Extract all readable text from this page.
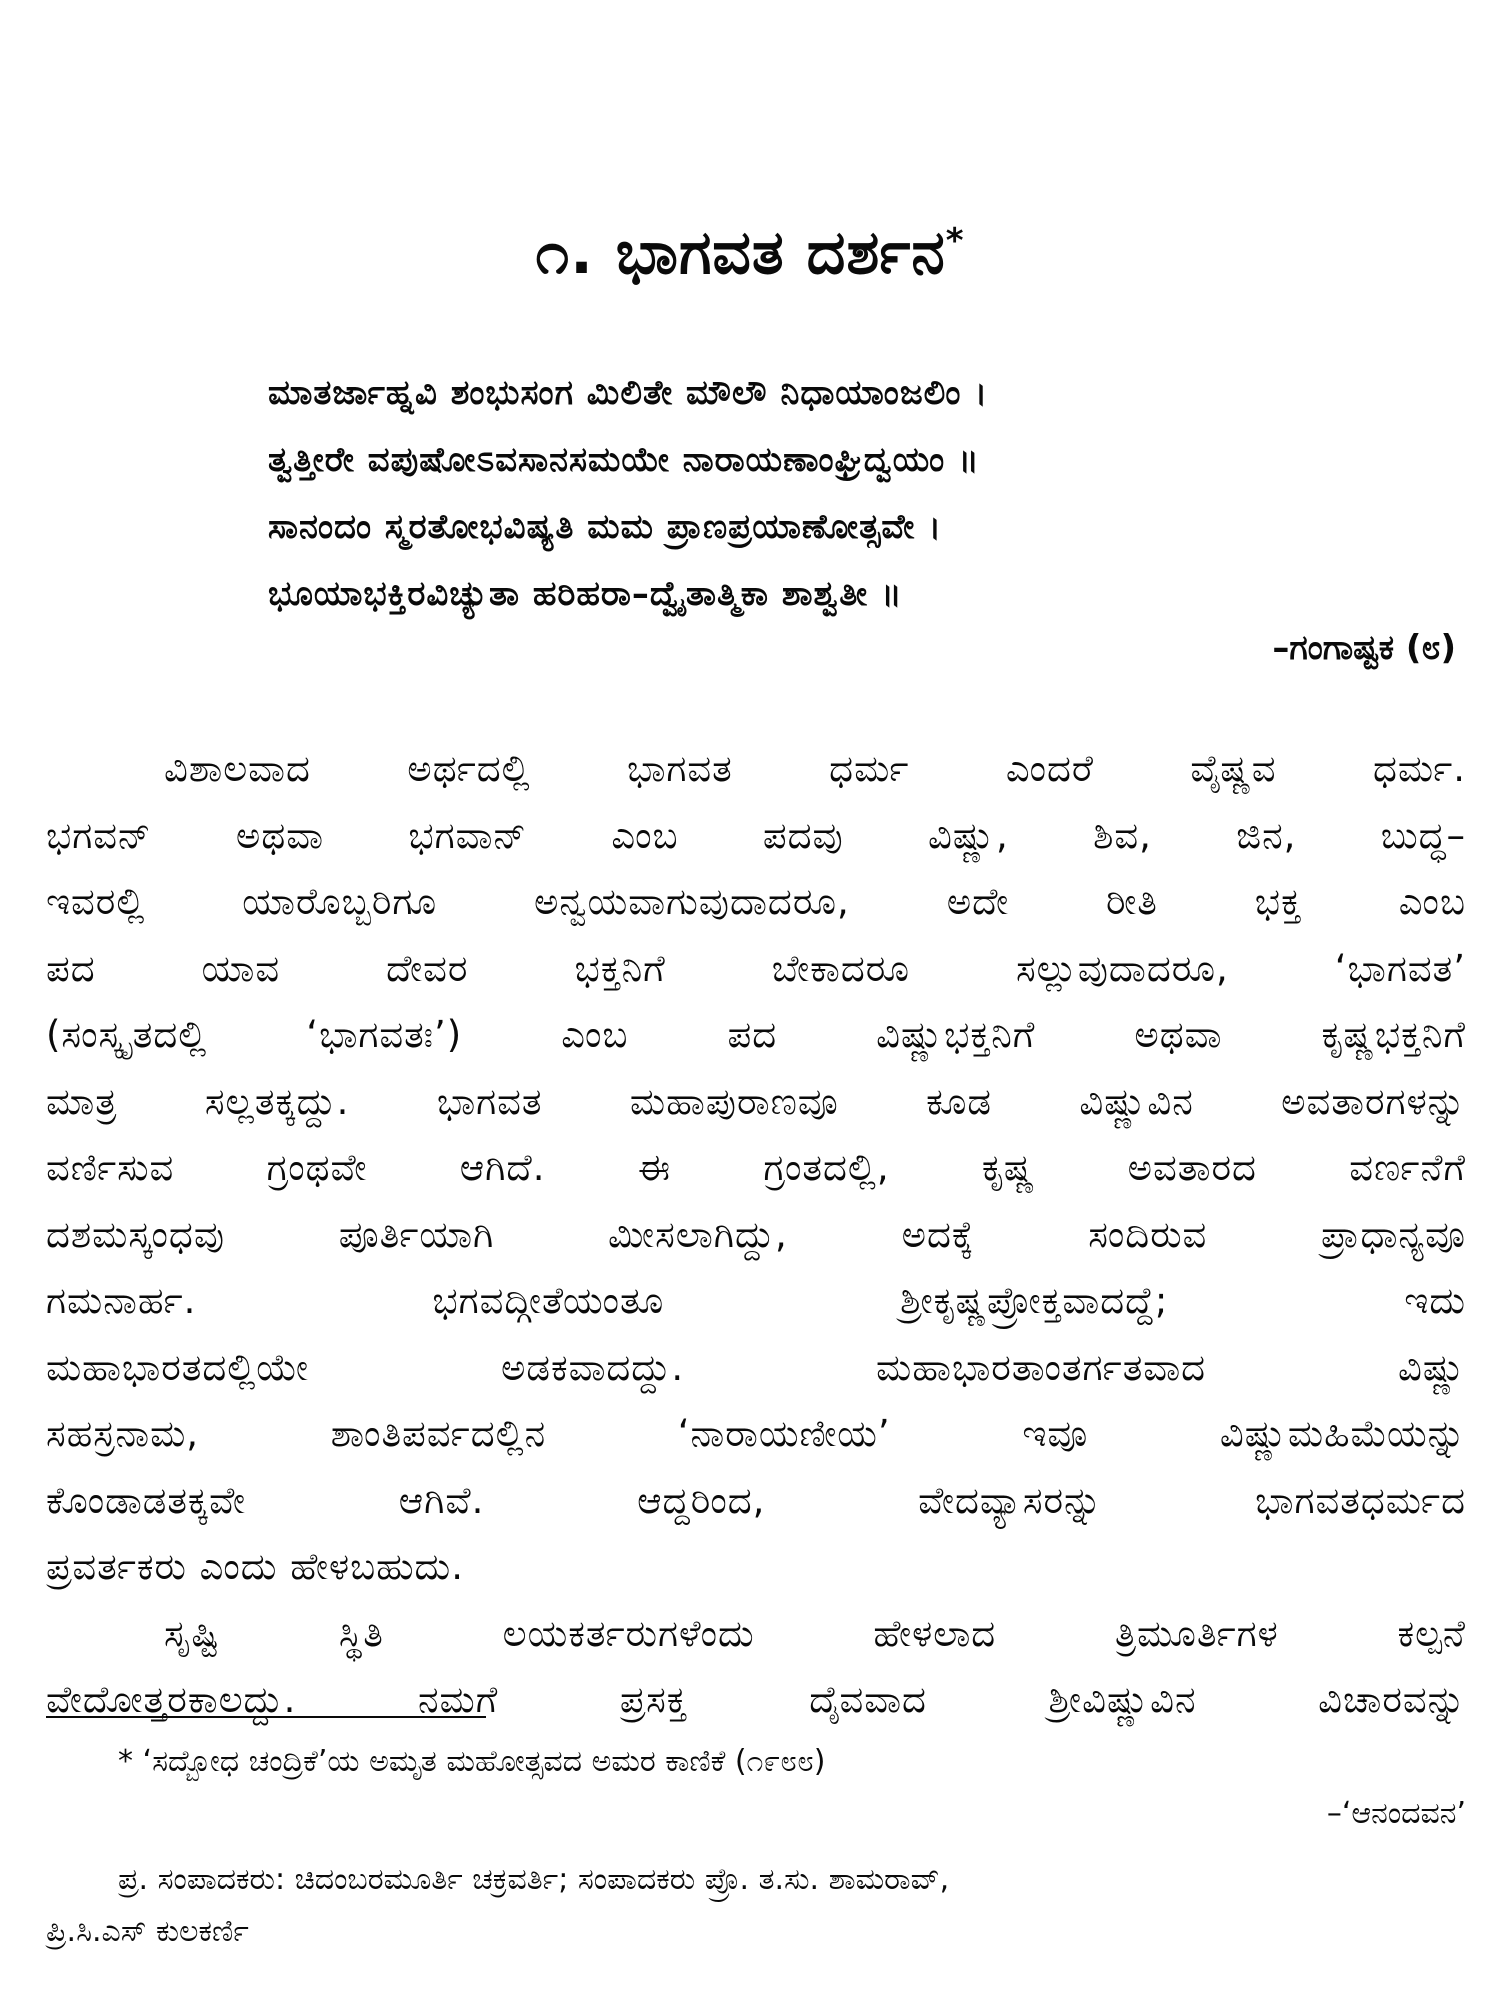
೧. ಭಾಗವತ ದರ್ಶನ*
ಮಾತರ್ಜಾಹ್ನವಿ ಶಂಭುಸಂಗ ಮಿಲಿತೇ ಮೌಲೌ ನಿಧಾಯಾಂಜಲಿಂ ।
ತ್ವತ್ತೀರೇ ವಪುಷೋಽವಸಾನಸಮಯೇ ನಾರಾಯಣಾಂಘ್ರಿದ್ವಯಂ ॥
ಸಾನಂದಂ ಸ್ಮರತೋಭವಿಷ್ಯತಿ ಮಮ ಪ್ರಾಣಪ್ರಯಾಣೋತ್ಸವೇ ।
ಭೂಯಾಭಕ್ತಿರವಿಚ್ಯುತಾ ಹರಿಹರಾ–ದ್ವೈತಾತ್ಮಿಕಾ ಶಾಶ್ವತೀ ॥
–ಗಂಗಾಷ್ಟಕ (೮)
ವಿಶಾಲವಾದ ಅರ್ಥದಲ್ಲಿ ಭಾಗವತ ಧರ್ಮ ಎಂದರೆ ವೈಷ್ಣವ ಧರ್ಮ.
ಭಗವನ್ ಅಥವಾ ಭಗವಾನ್ ಎಂಬ ಪದವು ವಿಷ್ಣು, ಶಿವ, ಜಿನ, ಬುದ್ಧ–
ಇವರಲ್ಲಿ ಯಾರೊಬ್ಬರಿಗೂ ಅನ್ವಯವಾಗುವುದಾದರೂ, ಅದೇ ರೀತಿ ಭಕ್ತ ಎಂಬ
ಪದ ಯಾವ ದೇವರ ಭಕ್ತನಿಗೆ ಬೇಕಾದರೂ ಸಲ್ಲುವುದಾದರೂ, ‘ಭಾಗವತ’
(ಸಂಸ್ಕೃತದಲ್ಲಿ ‘ಭಾಗವತಃ’) ಎಂಬ ಪದ ವಿಷ್ಣುಭಕ್ತನಿಗೆ ಅಥವಾ ಕೃಷ್ಣಭಕ್ತನಿಗೆ
ಮಾತ್ರ ಸಲ್ಲತಕ್ಕದ್ದು. ಭಾಗವತ ಮಹಾಪುರಾಣವೂ ಕೂಡ ವಿಷ್ಣುವಿನ ಅವತಾರಗಳನ್ನು
ವರ್ಣಿಸುವ ಗ್ರಂಥವೇ ಆಗಿದೆ. ಈ ಗ್ರಂತದಲ್ಲಿ, ಕೃಷ್ಣ ಅವತಾರದ ವರ್ಣನೆಗೆ
ದಶಮಸ್ಕಂಧವು ಪೂರ್ತಿಯಾಗಿ ಮೀಸಲಾಗಿದ್ದು, ಅದಕ್ಕೆ ಸಂದಿರುವ ಪ್ರಾಧಾನ್ಯವೂ
ಗಮನಾರ್ಹ. ಭಗವದ್ಗೀತೆಯಂತೂ ಶ್ರೀಕೃಷ್ಣಪ್ರೋಕ್ತವಾದದ್ದೆ; ಇದು
ಮಹಾಭಾರತದಲ್ಲಿಯೇ ಅಡಕವಾದದ್ದು. ಮಹಾಭಾರತಾಂತರ್ಗತವಾದ ವಿಷ್ಣು
ಸಹಸ್ರನಾಮ, ಶಾಂತಿಪರ್ವದಲ್ಲಿನ ‘ನಾರಾಯಣೀಯ’ ಇವೂ ವಿಷ್ಣುಮಹಿಮೆಯನ್ನು
ಕೊಂಡಾಡತಕ್ಕವೇ ಆಗಿವೆ. ಆದ್ದರಿಂದ, ವೇದವ್ಯಾಸರನ್ನು ಭಾಗವತಧರ್ಮದ
ಪ್ರವರ್ತಕರು ಎಂದು ಹೇಳಬಹುದು.
ಸೃಷ್ಟಿ ಸ್ಥಿತಿ ಲಯಕರ್ತರುಗಳೆಂದು ಹೇಳಲಾದ ತ್ರಿಮೂರ್ತಿಗಳ ಕಲ್ಪನೆ
ವೇದೋತ್ತರಕಾಲದ್ದು. ನಮಗೆ ಪ್ರಸಕ್ತ ದೈವವಾದ ಶ್ರೀವಿಷ್ಣುವಿನ ವಿಚಾರವನ್ನು
* ‘ಸದ್ಬೋಧ ಚಂದ್ರಿಕೆ’ಯ ಅಮೃತ ಮಹೋತ್ಸವದ ಅಮರ ಕಾಣಿಕೆ (೧೯೮೮)
–‘ಆನಂದವನ’
ಪ್ರ. ಸಂಪಾದಕರು: ಚಿದಂಬರಮೂರ್ತಿ ಚಕ್ರವರ್ತಿ; ಸಂಪಾದಕರು ಪ್ರೊ. ತ.ಸು. ಶಾಮರಾವ್,
ಪ್ರಿ.ಸಿ.ಎಸ್ ಕುಲಕರ್ಣಿ
